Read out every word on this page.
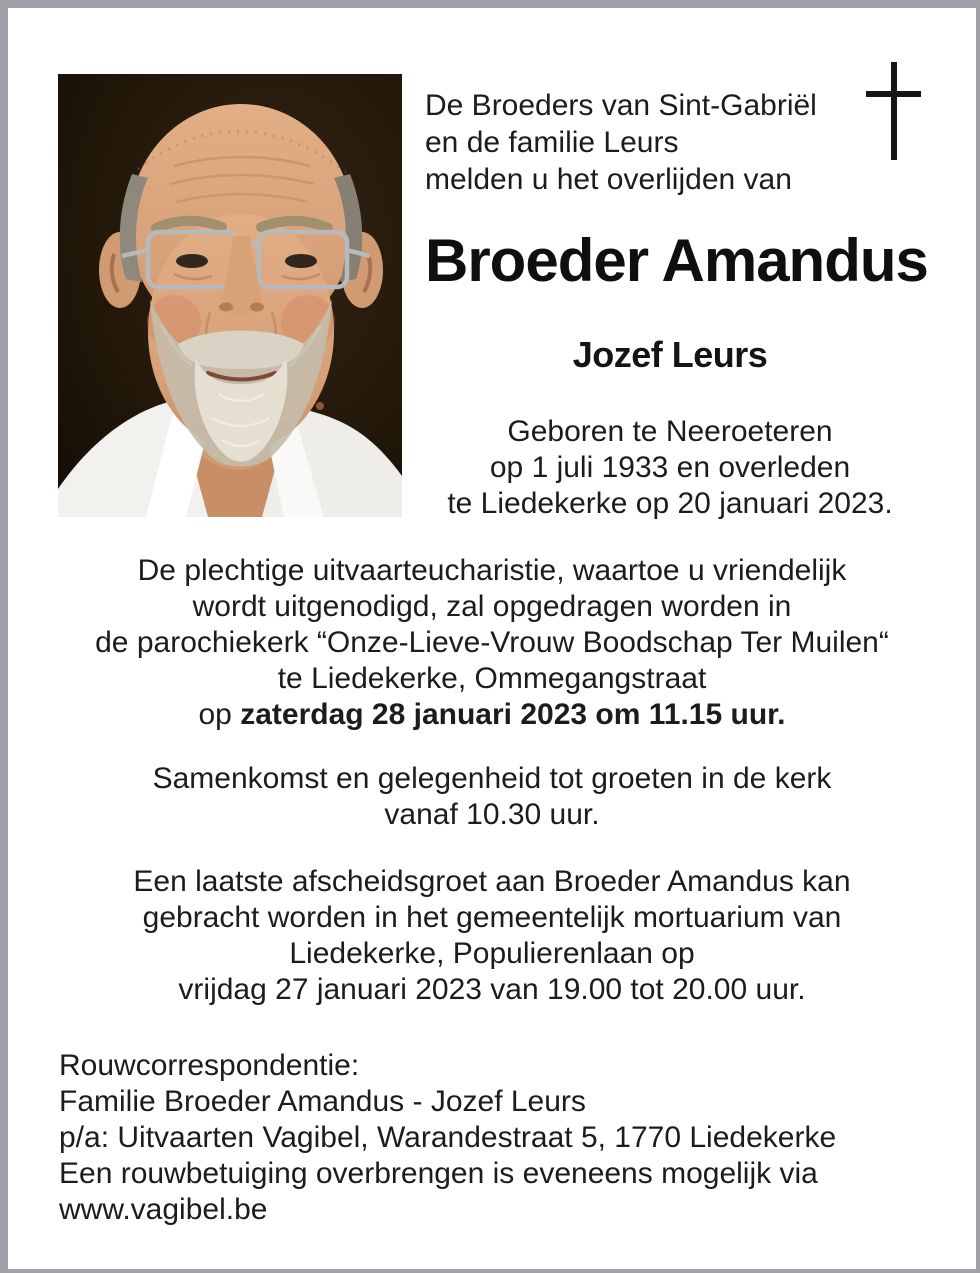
De Broeders van Sint-Gabriël
en de familie Leurs
melden u het overlijden van
Broeder Amandus
Jozef Leurs
Geboren te Neeroeteren
op 1 juli 1933 en overleden
te Liedekerke op 20 januari 2023.
De plechtige uitvaarteucharistie, waartoe u vriendelijk
wordt uitgenodigd, zal opgedragen worden in
de parochiekerk “Onze-Lieve-Vrouw Boodschap Ter Muilen“
te Liedekerke, Ommegangstraat
op zaterdag 28 januari 2023 om 11.15 uur.
Samenkomst en gelegenheid tot groeten in de kerk
vanaf 10.30 uur.
Een laatste afscheidsgroet aan Broeder Amandus kan
gebracht worden in het gemeentelijk mortuarium van
Liedekerke, Populierenlaan op
vrijdag 27 januari 2023 van 19.00 tot 20.00 uur.
Rouwcorrespondentie:
Familie Broeder Amandus - Jozef Leurs
p/a: Uitvaarten Vagibel, Warandestraat 5, 1770 Liedekerke
Een rouwbetuiging overbrengen is eveneens mogelijk via
www.vagibel.be
